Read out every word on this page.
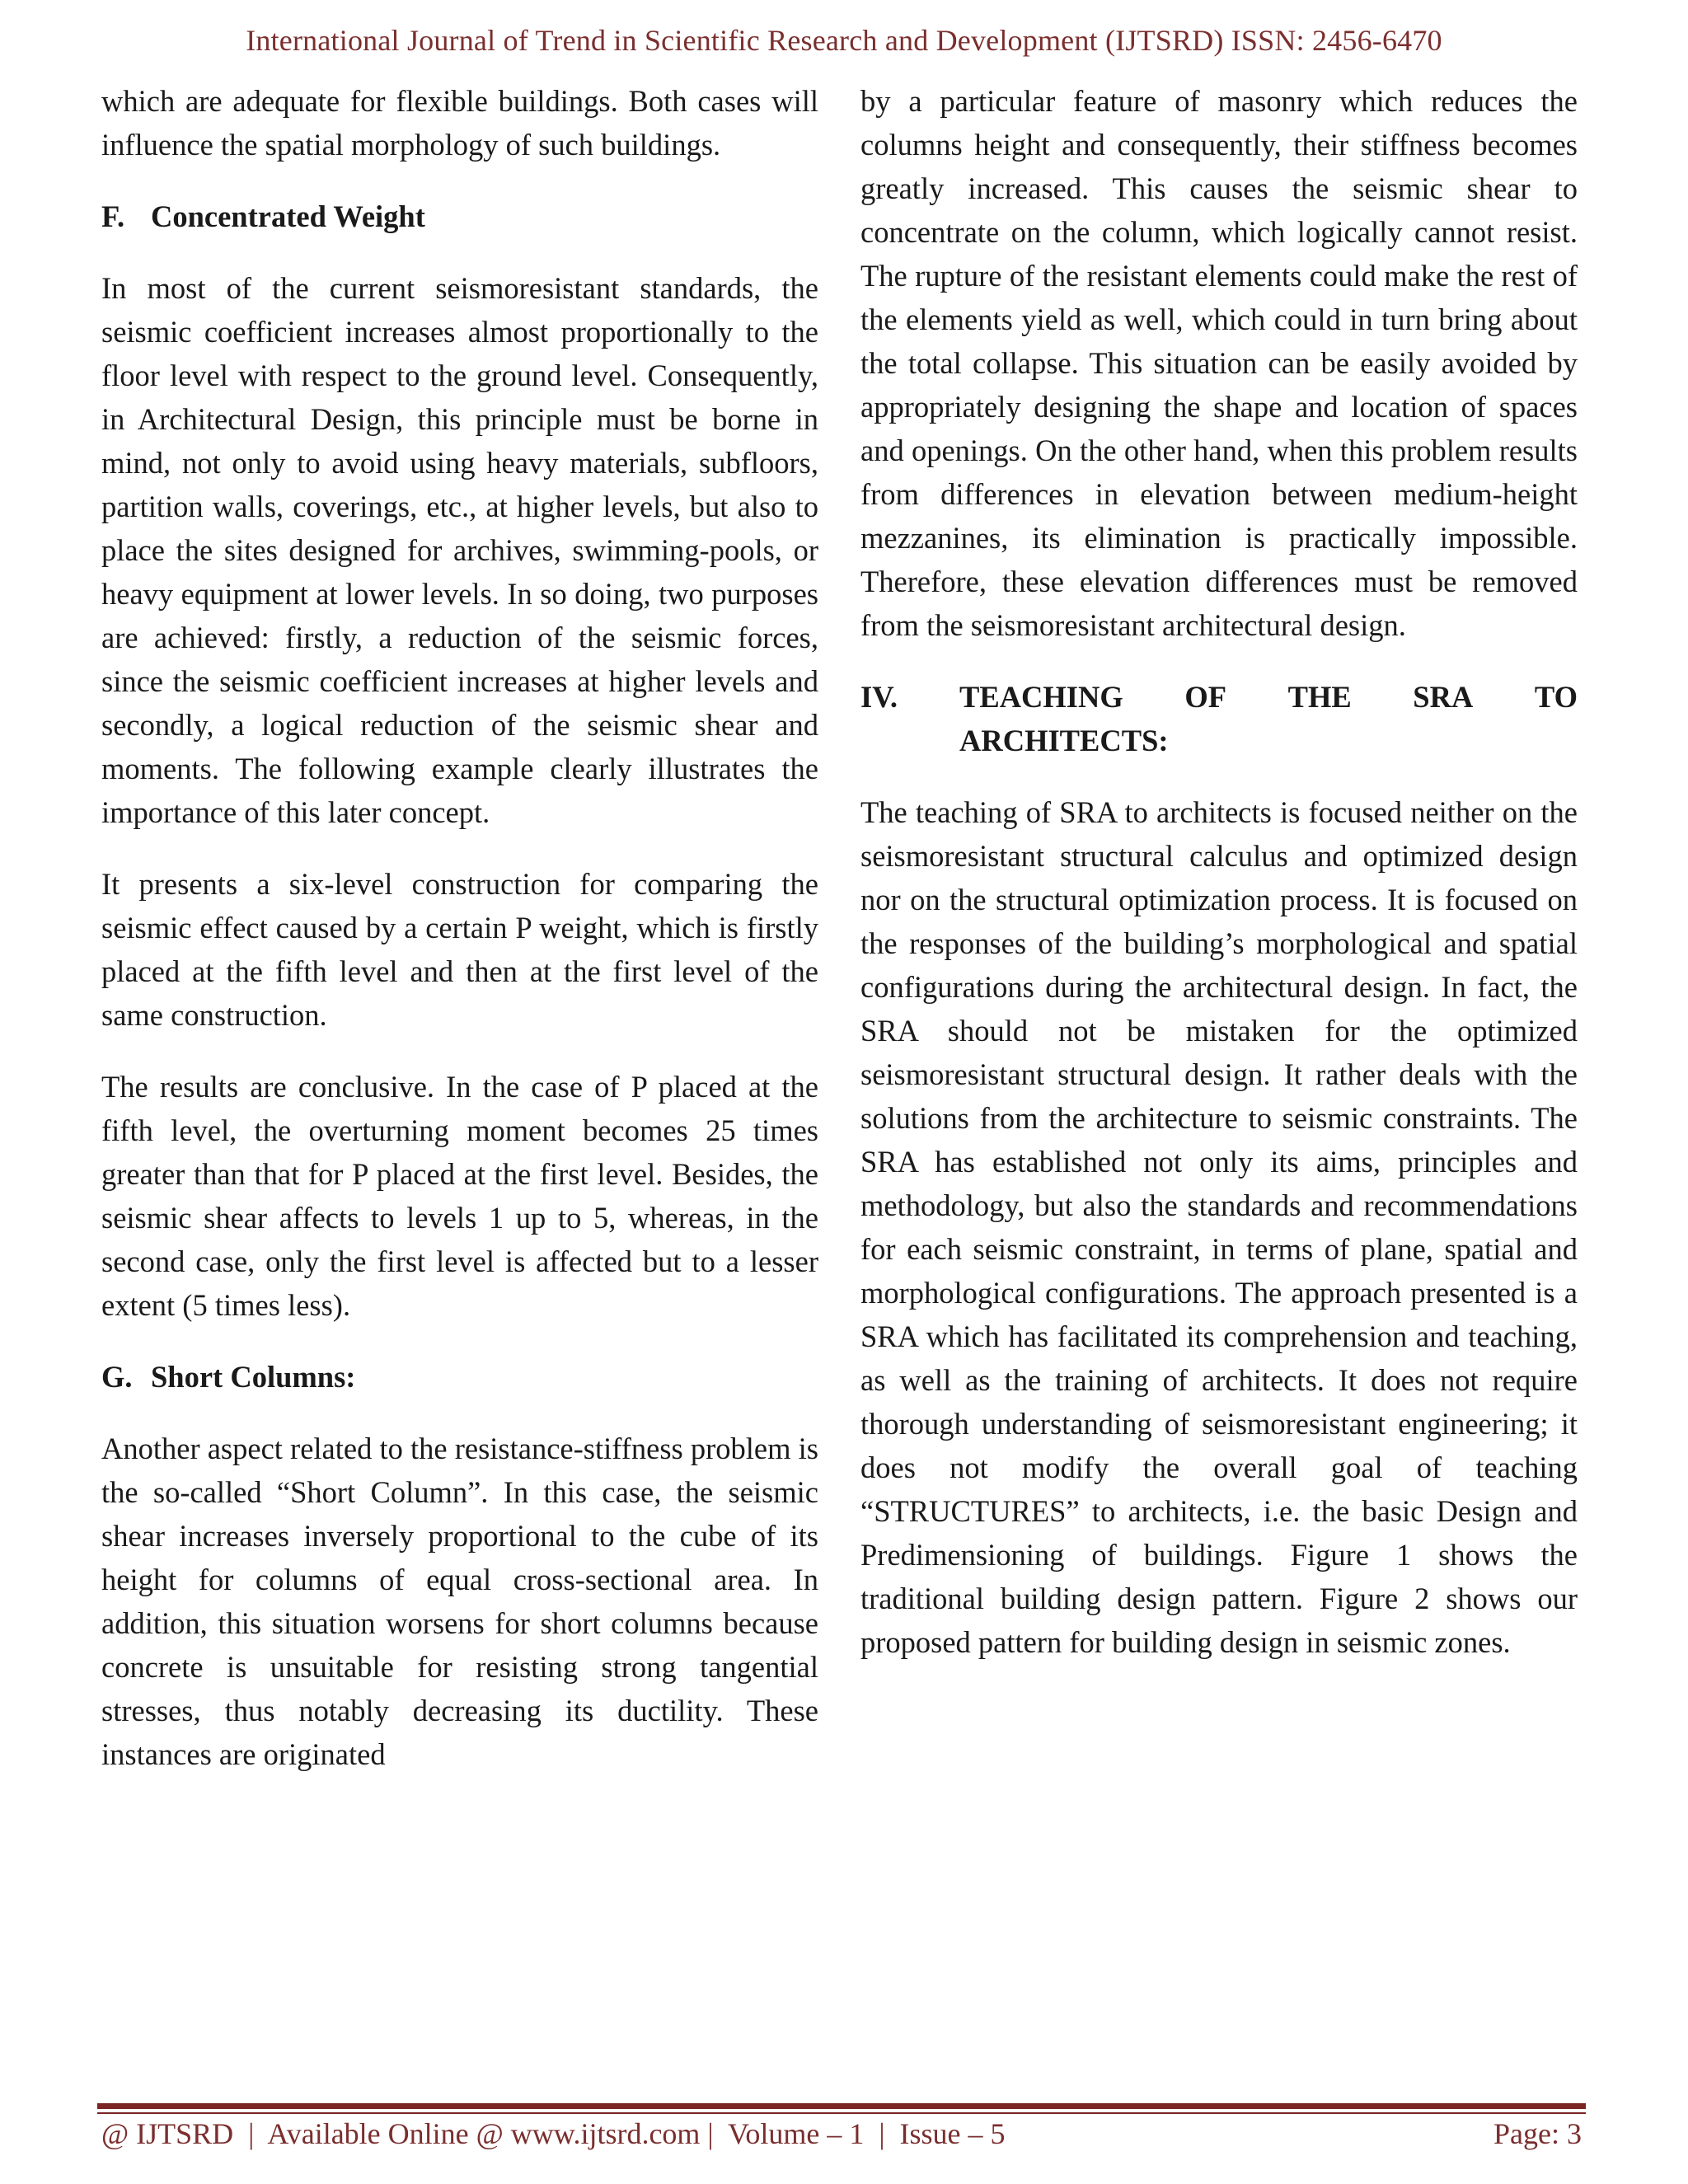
International Journal of Trend in Scientific Research and Development (IJTSRD) ISSN: 2456-6470

which are adequate for flexible buildings. Both cases will influence the spatial morphology of such buildings.

F. Concentrated Weight

In most of the current seismoresistant standards, the seismic coefficient increases almost proportionally to the floor level with respect to the ground level. Consequently, in Architectural Design, this principle must be borne in mind, not only to avoid using heavy materials, subfloors, partition walls, coverings, etc., at higher levels, but also to place the sites designed for archives, swimming-pools, or heavy equipment at lower levels. In so doing, two purposes are achieved: firstly, a reduction of the seismic forces, since the seismic coefficient increases at higher levels and secondly, a logical reduction of the seismic shear and moments. The following example clearly illustrates the importance of this later concept.

It presents a six-level construction for comparing the seismic effect caused by a certain P weight, which is firstly placed at the fifth level and then at the first level of the same construction.

The results are conclusive. In the case of P placed at the fifth level, the overturning moment becomes 25 times greater than that for P placed at the first level. Besides, the seismic shear affects to levels 1 up to 5, whereas, in the second case, only the first level is affected but to a lesser extent (5 times less).

G. Short Columns:

Another aspect related to the resistance-stiffness problem is the so-called “Short Column”. In this case, the seismic shear increases inversely proportional to the cube of its height for columns of equal cross-sectional area. In addition, this situation worsens for short columns because concrete is unsuitable for resisting strong tangential stresses, thus notably decreasing its ductility. These instances are originated

by a particular feature of masonry which reduces the columns height and consequently, their stiffness becomes greatly increased. This causes the seismic shear to concentrate on the column, which logically cannot resist. The rupture of the resistant elements could make the rest of the elements yield as well, which could in turn bring about the total collapse. This situation can be easily avoided by appropriately designing the shape and location of spaces and openings. On the other hand, when this problem results from differences in elevation between medium-height mezzanines, its elimination is practically impossible. Therefore, these elevation differences must be removed from the seismoresistant architectural design.

IV.	TEACHING OF THE SRA TO
ARCHITECTS:

The teaching of SRA to architects is focused neither on the seismoresistant structural calculus and optimized design nor on the structural optimization process. It is focused on the responses of the building’s morphological and spatial configurations during the architectural design. In fact, the SRA should not be mistaken for the optimized seismoresistant structural design. It rather deals with the solutions from the architecture to seismic constraints. The SRA has established not only its aims, principles and methodology, but also the standards and recommendations for each seismic constraint, in terms of plane, spatial and morphological configurations. The approach presented is a SRA which has facilitated its comprehension and teaching, as well as the training of architects. It does not require thorough understanding of seismoresistant engineering; it does not modify the overall goal of teaching “STRUCTURES” to architects, i.e. the basic Design and Predimensioning of buildings. Figure 1 shows the traditional building design pattern. Figure 2 shows our proposed pattern for building design in seismic zones.

@ IJTSRD  |  Available Online @ www.ijtsrd.com |  Volume – 1  |  Issue – 5	Page: 3
